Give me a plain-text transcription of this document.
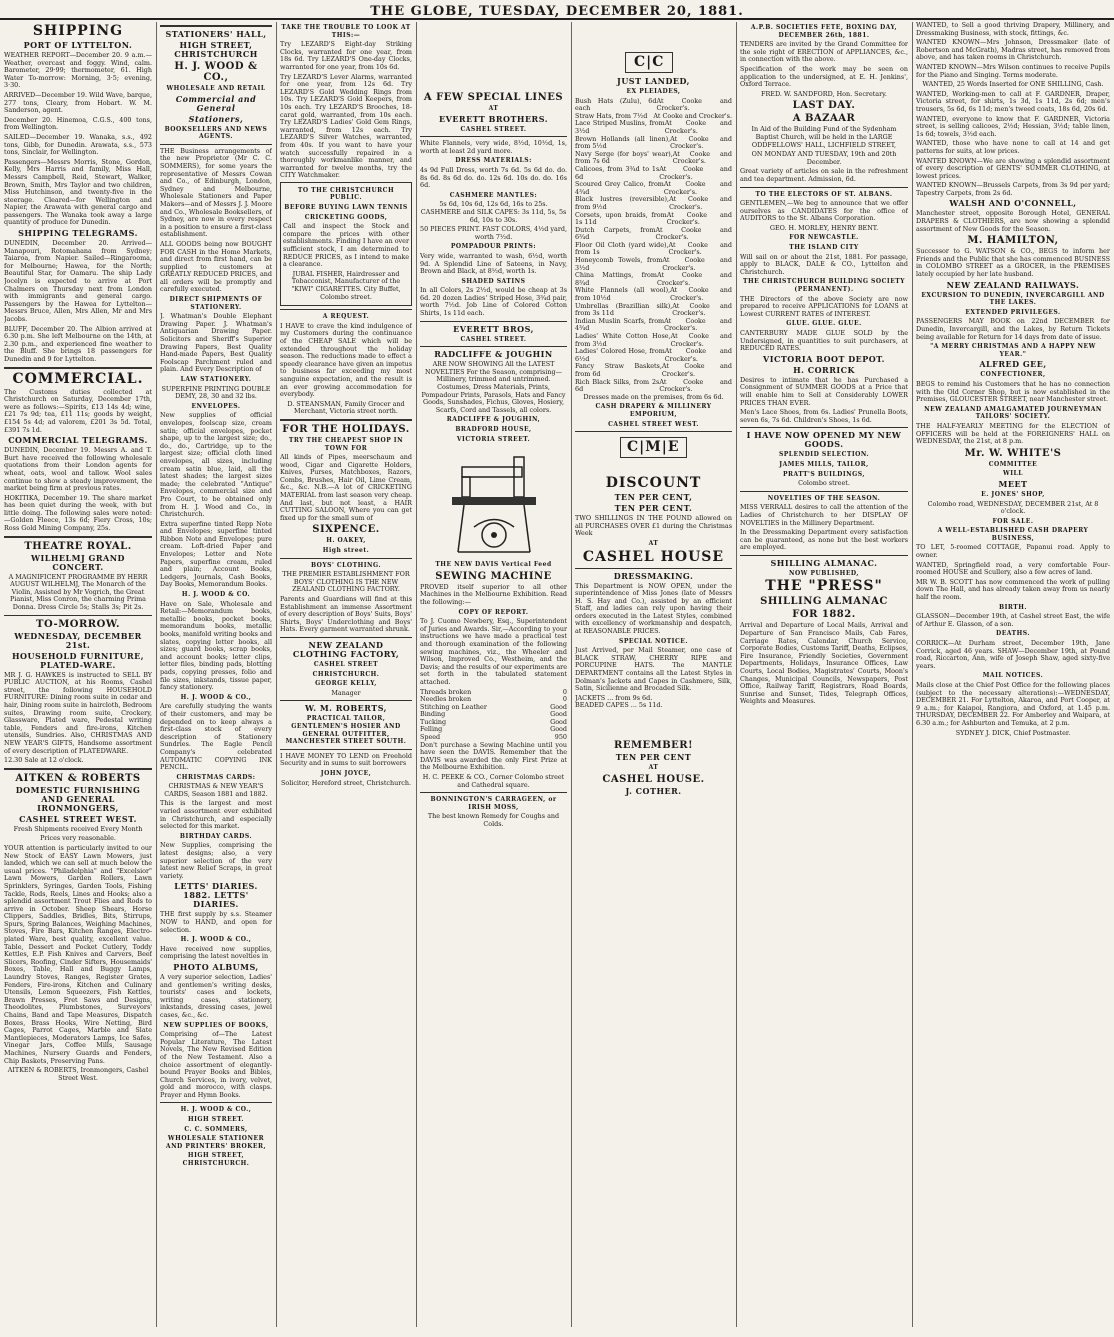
THE GLOBE, TUESDAY, DECEMBER 20, 1881.
SHIPPING
PORT OF LYTTELTON.

WEATHER REPORT—December 20. 9 a.m.—Weather, overcast and foggy. Wind, calm. Barometer, 29·99; thermometer, 61. High Water To-morrow: Morning, 3·5; evening, 3·30.

ARRIVED—December 19. Wild Wave, barque, 277 tons, Cleary, from Hobart. W. M. Sanderson, agent.

December 20. Hinemoa, C.G.S., 400 tons, from Wellington.

SAILED—December 19. Wanaka, s.s., 492 tons, Gibb, for Dunedin. Arawata, s.s., 573 tons, Sinclair, for Wellington.

Passengers—Messrs Morris, Stone, Gordon, Kelly, Mrs Harris and family, Miss Hall, Messrs Campbell, Reid, Stewart, Walker, Brown, Smith, Mrs Taylor and two children, Miss Hutchinson, and twenty-five in the steerage. Cleared—for Wellington and Napier, the Arawata with general cargo and passengers. The Wanaka took away a large quantity of produce for Dunedin.

SHIPPING TELEGRAMS.

DUNEDIN, December 20. Arrived—Manapouri, Rotomahana from Sydney; Taiaroa, from Napier. Sailed—Ringarooma, for Melbourne; Hawea, for the North; Beautiful Star, for Oamaru. The ship Lady Jocelyn is expected to arrive at Port Chalmers on Thursday next from London with immigrants and general cargo. Passengers by the Hawea for Lyttelton—Messrs Bruce, Allen, Mrs Allen, Mr and Mrs Jacobs.

BLUFF, December 20. The Albion arrived at 6.30 p.m. She left Melbourne on the 14th, at 2.30 p.m., and experienced fine weather to the Bluff. She brings 18 passengers for Dunedin and 9 for Lyttelton.

COMMERCIAL.

The Customs duties collected at Christchurch on Saturday, December 17th, were as follows:—Spirits, £13 14s 4d; wine, £21 7s 9d; tea, £11 11s; goods by weight, £154 5s 4d; ad valorem, £201 3s 5d. Total, £391 7s 1d.

COMMERCIAL TELEGRAMS.

DUNEDIN, December 19. Messrs A. and T. Burt have received the following wholesale quotations from their London agents for wheat, oats, wool and tallow. Wool sales continue to show a steady improvement, the market being firm at previous rates.

HOKITIKA, December 19. The share market has been quiet during the week, with but little doing. The following sales were noted:—Golden Fleece, 13s 6d; Fiery Cross, 10s; Ross Gold Mining Company, 25s.

THEATRE ROYAL.
WILHELMJ GRAND CONCERT.

A MAGNIFICENT PROGRAMME BY HERR AUGUST WILHELMJ, The Monarch of the Violin, Assisted by Mr Vogrich, the Great Pianist, Miss Conron, the charming Prima Donna. Dress Circle 5s; Stalls 3s; Pit 2s.

TO-MORROW.
WEDNESDAY, DECEMBER 21st.
HOUSEHOLD FURNITURE, PLATED-WARE.

MR J. G. HAWKES is instructed to SELL BY PUBLIC AUCTION, at his Rooms, Cashel street, the following HOUSEHOLD FURNITURE: Dining room suite in cedar and hair, Dining room suite in haircloth, Bedroom suites, Drawing room suite, Crockery, Glassware, Plated ware, Pedestal writing table, Fenders and fire-irons, Kitchen utensils, Sundries. Also, CHRISTMAS AND NEW YEAR'S GIFTS, Handsome assortment of every description of PLATEDWARE.

12.30 Sale at 12 o'clock.

AITKEN & ROBERTS
DOMESTIC FURNISHING AND GENERAL IRONMONGERS,
CASHEL STREET WEST.

Fresh Shipments received Every Month

Prices very reasonable.

YOUR attention is particularly invited to our New Stock of EASY Lawn Mowers, just landed, which we can sell at much below the usual prices. "Philadelphia" and "Excelsior" Lawn Mowers, Garden Rollers, Lawn Sprinklers, Syringes, Garden Tools, Fishing Tackle, Rods, Reels, Lines and Hooks; also a splendid assortment Trout Flies and Rods to arrive in October. Sheep Shears, Horse Clippers, Saddles, Bridles, Bits, Stirrups, Spurs, Spring Balances, Weighing Machines, Stoves, Fire Bars, Kitchen Ranges, Electro-plated Ware, best quality, excellent value. Table, Dessert and Pocket Cutlery, Toddy Kettles, E.P. Fish Knives and Carvers, Beef Slicers, Roofing, Cinder Sifters, Housemaids' Boxes, Table, Hall and Buggy Lamps, Laundry Stoves, Ranges, Register Grates, Fenders, Fire-irons, Kitchen and Culinary Utensils, Lemon Squeezers, Fish Kettles, Brawn Presses, Fret Saws and Designs, Theodolites, Plumbstones, Surveyors' Chains, Band and Tape Measures, Dispatch Boxes, Brass Hooks, Wire Netting, Bird Cages, Parrot Cages, Marble and Slate Mantlepieces, Moderators Lamps, Ice Safes, Vinegar Jars, Coffee Mills, Sausage Machines, Nursery Guards and Fenders, Chip Baskets, Preserving Pans.

AITKEN & ROBERTS, Ironmongers, Cashel Street West.

STATIONERS' HALL,
HIGH STREET, CHRISTCHURCH
H. J. WOOD & CO.,
WHOLESALE AND RETAIL
Commercial and General
Stationers,
BOOKSELLERS AND NEWS AGENTS.

THE Business arrangements of the new Proprietor (Mr C. C. SOMMERS), for some years the representative of Messrs Cowan and Co., of Edinburgh, London, Sydney and Melbourne, Wholesale Stationers and Paper Makers—and of Messrs J. J. Moore and Co., Wholesale Booksellers, of Sydney, are now in every respect in a position to ensure a first-class establishment.

ALL GOODS being now BOUGHT FOR CASH in the Home Markets, and direct from first hand, can be supplied to customers at GREATLY REDUCED PRICES, and all orders will be promptly and carefully executed.

DIRECT SHIPMENTS OF STATIONERY.

J. Whatman's Double Elephant Drawing Paper. J. Whatman's Antiquarian Drawing Paper. Solicitors and Sheriff's Superior Drawing Papers, Best Quality Hand-made Papers, Best Quality Foolscap Parchment ruled and plain. And Every Description of

LAW STATIONERY.

SUPERFINE PRINTING DOUBLE DEMY, 28, 30 and 32 lbs.

ENVELOPES.

New supplies of official envelopes, foolscap size, cream satin; official envelopes, pocket shape, up to the largest size; do., do., do., Cartridge, up to the largest size; official cloth lined envelopes, all sizes, including cream satin blue, laid, all the latest shades; the largest sizes made; the celebrated "Antique" Envelopes, commercial size and Pro Court, to be obtained only from H. J. Wood and Co., in Christchurch.

Extra superfine tinted Repp Note and Envelopes; superfine tinted Ribbon Note and Envelopes; pure cream. Loft-dried Paper and Envelopes; Letter and Note Papers, superfine cream, ruled and plain; Account Books, Ledgers, Journals, Cash Books, Day Books, Memorandum Books.

H. J. WOOD & CO.

Have on Sale, Wholesale and Retail:—Memorandum books, metallic books, pocket books, memorandum books, metallic books, manifold writing books and slates, copying letter books, all sizes; guard books, scrap books, and account books; letter clips, letter files, binding pads, blotting pads, copying presses, folio and file sizes, inkstands, tissue paper, fancy stationery.

H. J. WOOD & CO.,

Are carefully studying the wants of their customers, and may be depended on to keep always a first-class stock of every description of Stationery Sundries. The Eagle Pencil Company's celebrated AUTOMATIC COPYING INK PENCIL.

CHRISTMAS CARDS:

CHRISTMAS & NEW YEAR'S CARDS, Season 1881 and 1882.

This is the largest and most varied assortment ever exhibited in Christchurch, and especially selected for this market.

BIRTHDAY CARDS.

New Supplies, comprising the latest designs; also, a very superior selection of the very latest new Relief Scraps, in great variety.

LETTS' DIARIES. 1882. LETTS' DIARIES.

THE first supply by s.s. Steamer NOW to HAND, and open for selection.

H. J. WOOD & CO.,

Have received now supplies, comprising the latest novelties in

PHOTO ALBUMS,

A very superior selection, Ladies' and gentlemen's writing desks, tourists' cases and lockets, writing cases, stationery, inkstands, dressing cases, jewel cases, &c., &c.

NEW SUPPLIES OF BOOKS,

Comprising of—The Latest Popular Literature, The Latest Novels, The New Revised Edition of the New Testament. Also a choice assortment of elegantly-bound Prayer Books and Bibles, Church Services, in ivory, velvet, gold and morocco, with clasps. Prayer and Hymn Books.

H. J. WOOD & CO.,
HIGH STREET.
C. C. SOMMERS,
WHOLESALE STATIONER AND PRINTERS' BROKER,
HIGH STREET, CHRISTCHURCH.
TAKE THE TROUBLE TO LOOK AT THIS:—

Try LEZARD'S Eight-day Striking Clocks, warranted for one year, from 18s 6d. Try LEZARD'S One-day Clocks, warranted for one year, from 10s 6d.

Try LEZARD'S Lever Alarms, warranted for one year, from 12s 6d. Try LEZARD'S Gold Wedding Rings from 10s. Try LEZARD'S Gold Keepers, from 10s each. Try LEZARD'S Brooches, 18-carat gold, warranted, from 10s each. Try LEZARD'S Ladies' Gold Gem Rings, warranted, from 12s each. Try LEZARD'S Silver Watches, warranted, from 40s. If you want to have your watch successfully repaired in a thoroughly workmanlike manner, and warranted for twelve months, try the CITY Watchmaker.

TO THE CHRISTCHURCH PUBLIC.
BEFORE BUYING LAWN TENNIS
CRICKETING GOODS,

Call and inspect the Stock and compare the prices with other establishments. Finding I have an over sufficient stock, I am determined to REDUCE PRICES, as I intend to make a clearance.

JUBAL FISHER, Hairdresser and Tobacconist, Manufacturer of the "KIWI" CIGARETTES. City Buffet, Colombo street.

A REQUEST.

I HAVE to crave the kind indulgence of my Customers during the continuance of the CHEAP SALE which will be extended throughout the holiday season. The reductions made to effect a speedy clearance have given an impetus to business far exceeding my most sanguine expectation, and the result is an ever growing accommodation for everybody.

D. STEANSMAN, Family Grocer and Merchant, Victoria street north.

FOR THE HOLIDAYS.
TRY THE CHEAPEST SHOP IN TOWN FOR

All kinds of Pipes, meerschaum and wood, Cigar and Cigarette Holders, Knives, Purses, Matchboxes, Razors, Combs, Brushes, Hair Oil, Lime Cream, &c., &c. N.B.—A lot of CRICKETING MATERIAL from last season very cheap. And last, but not least, a HAIR CUTTING SALOON, Where you can get fixed up for the small sum of

SIXPENCE.
H. OAKEY,
High street.
BOYS' CLOTHING.

THE PREMIER ESTABLISHMENT FOR BOYS' CLOTHING IS THE NEW ZEALAND CLOTHING FACTORY.

Parents and Guardians will find at this Establishment an immense Assortment of every description of Boys' Suits, Boys' Shirts, Boys' Underclothing and Boys' Hats. Every garment warranted shrunk.

NEW ZEALAND CLOTHING FACTORY,
CASHEL STREET
CHRISTCHURCH.
GEORGE KELLY,
Manager
W. M. ROBERTS,
PRACTICAL TAILOR, GENTLEMEN'S HOSIER AND GENERAL OUTFITTER, MANCHESTER STREET SOUTH.

I HAVE MONEY TO LEND on Freehold Security and in sums to suit borrowers

JOHN JOYCE,
Solicitor, Hereford street, Christchurch.
A FEW SPECIAL LINES
AT
EVERETT BROTHERS.
CASHEL STREET.

White Flannels, very wide, 8½d, 10½d, 1s, worth at least 2d yard more.

DRESS MATERIALS:

4s 9d Full Dress, worth 7s 6d. 5s 6d do. do. 8s 6d. 8s 6d do. do. 12s 6d. 10s do. do. 16s 6d.

CASHMERE MANTLES:

5s 6d, 10s 6d, 12s 6d, 16s to 25s. CASHMERE and SILK CAPES: 3s 11d, 5s, 5s 6d, 10s to 30s.

50 PIECES PRINT. FAST COLORS, 4½d yard, worth 7½d.

POMPADOUR PRINTS:

Very wide, warranted to wash, 6½d, worth 9d. A Splendid Line of Sateens, in Navy, Brown and Black, at 8½d, worth 1s.

SHADED SATINS

In all Colors, 2s 2½d, would be cheap at 3s 6d. 20 dozen Ladies' Striped Hose, 3¾d pair, worth 7½d. Job Line of Colored Cotton Shirts, 1s 11d each.

EVERETT BROS,
CASHEL STREET.
RADCLIFFE & JOUGHIN
ARE NOW SHOWING All the LATEST NOVELTIES For the Season, comprising—

Millinery, trimmed and untrimmed. Costumes, Dress Materials, Prints, Pompadour Prints, Parasols, Hats and Fancy Goods, Sunshades, Fichus, Gloves, Hosiery, Scarfs, Cord and Tassels, all colors.

RADCLIFFE & JOUGHIN,
BRADFORD HOUSE,
VICTORIA STREET.
THE NEW DAVIS Vertical Feed
SEWING MACHINE

PROVED itself superior to all other Machines in the Melbourne Exhibition. Read the following:—

COPY OF REPORT.

To J. Cuomo Newbery, Esq., Superintendent of Juries and Awards. Sir,—According to your instructions we have made a practical test and thorough examination of the following sewing machines, viz., the Wheeler and Wilson, Improved Co., Westheim, and the Davis; and the results of our experiments are set forth in the tabulated statement attached.

Threads broken	0
Needles broken	0
Stitching on Leather	Good
Binding	Good
Tucking	Good
Felling	Good
Speed	950

Don't purchase a Sewing Machine until you have seen the DAVIS. Remember that the DAVIS was awarded the only First Prize at the Melbourne Exhibition.

H. C. PEEKE & CO., Corner Colombo street and Cathedral square.

BONNINGTON'S CARRAGEEN, or IRISH MOSS,
The best known Remedy for Coughs and Colds.
C|C
JUST LANDED,
EX PLEIADES,
Bush Hats (Zulu), 6d each
At Cooke and Crocker's.
Straw Hats, from 7½d At Cooke and Crocker's.
Lace Striped Muslins, from 3½d
At Cooke and Crocker's.
Brown Hollands (all linen), from 5½d
At Cooke and Crocker's.
Navy Serge (for boys' wear), from 7s 6d
At Cooke and Crocker's.
Calicoes, from 3¾d to 1s 6d
At Cooke and Crocker's.
Scoured Grey Calico, from 4¾d
At Cooke and Crocker's.
Black lustres (reversible), from 9½d
At Cooke and Crocker's.
Corsets, upon braids, from 1s 11d
At Cooke and Crocker's.
Dutch Carpets, from 6¾d
At Cooke and Crocker's.
Floor Oil Cloth (yard wide), from 1s
At Cooke and Crocker's.
Honeycomb Towels, from 3½d
At Cooke and Crocker's.
China Mattings, from 8¾d
At Cooke and Crocker's.
White Flannels (all wool), from 10½d
At Cooke and Crocker's.
Umbrellas (Brazillian silk), from 3s 11d
At Cooke and Crocker's.
Indian Muslin Scarfs, from 4¾d
At Cooke and Crocker's.
Ladies' White Cotton Hose, from 3½d
At Cooke and Crocker's.
Ladies' Colored Hose, from 6½d
At Cooke and Crocker's.
Fancy Straw Baskets, from 6d
At Cooke and Crocker's.
Rich Black Silks, from 2s 6d
At Cooke and Crocker's.

Dresses made on the premises, from 6s 6d.

CASH DRAPERY & MILLINERY EMPORIUM,
CASHEL STREET WEST.
C|M|E
DISCOUNT
TEN PER CENT,
TEN PER CENT.

TWO SHILLINGS IN THE POUND allowed on all PURCHASES OVER £1 during the Christmas Week

AT
CASHEL HOUSE
DRESSMAKING.

This Department is NOW OPEN, under the superintendence of Miss Jones (late of Messrs H. S. Hay and Co.), assisted by an efficient Staff, and ladies can rely upon having their orders executed in the Latest Styles, combined with excellency of workmanship and despatch, at REASONABLE PRICES.

SPECIAL NOTICE.

Just Arrived, per Mail Steamer, one case of BLACK STRAW, CHERRY RIPE and PORCUPINE HATS. The MANTLE DEPARTMENT contains all the Latest Styles in Dolman's Jackets and Capes in Cashmere, Silk, Satin, Sicilienne and Brocaded Silk.

JACKETS ... from 9s 6d.
BEADED CAPES ... 5s 11d.
REMEMBER!
TEN PER CENT
AT
CASHEL HOUSE.
J. COTHER.
A.P.B. SOCIETIES FETE, BOXING DAY, DECEMBER 26th, 1881.

TENDERS are invited by the Grand Committee for the sole right of ERECTION of APPLIANCES, &c., in connection with the above.

Specification of the work may be seen on application to the undersigned, at E. H. Jenkins', Oxford Terrace.

FRED. W. SANDFORD, Hon. Secretary.
LAST DAY.
A BAZAAR

In Aid of the Building Fund of the Sydenham Baptist Church, will be held in the LARGE ODDFELLOWS' HALL, LICHFIELD STREET,

ON MONDAY AND TUESDAY, 19th and 20th December.

Great variety of articles on sale in the refreshment and tea department. Admission, 6d.

TO THE ELECTORS OF ST. ALBANS.

GENTLEMEN,—We beg to announce that we offer ourselves as CANDIDATES for the office of AUDITORS to the St. Albans Corporation.

GEO. H. MORLEY, HENRY BENT.
FOR NEWCASTLE.
THE ISLAND CITY

Will sail on or about the 21st, 1881. For passage, apply to BLACK, DALE & CO., Lyttelton and Christchurch.

THE CHRISTCHURCH BUILDING SOCIETY (PERMANENT).

THE Directors of the above Society are now prepared to receive APPLICATIONS for LOANS at Lowest CURRENT RATES of INTEREST.

GLUE. GLUE. GLUE.

CANTERBURY MADE GLUE SOLD by the Undersigned, in quantities to suit purchasers, at REDUCED RATES.

VICTORIA BOOT DEPOT.
H. CORRICK

Desires to intimate that he has Purchased a Consignment of SUMMER GOODS at a Price that will enable him to Sell at Considerably LOWER PRICES THAN EVER.

Men's Lace Shoes, from 6s. Ladies' Prunella Boots, seven 6s, 7s 6d. Children's Shoes, 1s 6d.

I HAVE NOW OPENED MY NEW GOODS.
SPLENDID SELECTION.
JAMES MILLS, TAILOR,
PRATT'S BUILDINGS,
Colombo street.
NOVELTIES OF THE SEASON.

MISS VERRALL desires to call the attention of the Ladies of Christchurch to her DISPLAY OF NOVELTIES in the Millinery Department.

In the Dressmaking Department every satisfaction can be guaranteed, as none but the best workers are employed.

SHILLING ALMANAC.
NOW PUBLISHED,
THE "PRESS"
SHILLING ALMANAC
FOR 1882.

Arrival and Departure of Local Mails, Arrival and Departure of San Francisco Mails, Cab Fares, Carriage Rates, Calendar, Church Service, Corporate Bodies, Customs Tariff, Deaths, Eclipses, Fire Insurance, Friendly Societies, Government Departments, Holidays, Insurance Offices, Law Courts, Local Bodies, Magistrates' Courts, Moon's Changes, Municipal Councils, Newspapers, Post Office, Railway Tariff, Registrars, Road Boards, Sunrise and Sunset, Tides, Telegraph Offices, Weights and Measures.

WANTED, to Sell a good thriving Drapery, Millinery, and Dressmaking Business, with stock, fittings, &c.

WANTED KNOWN—Mrs Johnson, Dressmaker (late of Robertson and McGrath), Madras street, has removed from above, and has taken rooms in Christchurch.

WANTED KNOWN—Mrs Wilson continues to receive Pupils for the Piano and Singing. Terms moderate.

WANTED, 25 Words Inserted for ONE SHILLING, Cash.

WANTED, Working-men to call at F. GARDNER, Draper, Victoria street, for shirts, 1s 3d, 1s 11d, 2s 6d; men's trousers, 5s 6d, 6s 11d; men's tweed coats, 18s 6d, 20s 6d.

WANTED, everyone to know that F. GARDNER, Victoria street, is selling calicoes, 2½d; Hessian, 3½d; table linen, 1s 6d; towels, 3½d each.

WANTED, those who have none to call at 14 and get patterns for suits, at low prices.

WANTED KNOWN—We are showing a splendid assortment of every description of GENTS' SUMMER CLOTHING, at lowest prices.

WANTED KNOWN—Brussels Carpets, from 3s 9d per yard; Tapestry Carpets, from 2s 6d.

WALSH AND O'CONNELL,

Manchester street, opposite Borough Hotel, GENERAL DRAPERS & CLOTHIERS, are now showing a splendid assortment of New Goods for the Season.

M. HAMILTON,

Successor to G. WATSON & CO., BEGS to inform her Friends and the Public that she has commenced BUSINESS in COLOMBO STREET as a GROCER, in the PREMISES lately occupied by her late husband.

NEW ZEALAND RAILWAYS.
EXCURSION TO DUNEDIN, INVERCARGILL AND THE LAKES.
EXTENDED PRIVILEGES.

PASSENGERS MAY BOOK on 22nd DECEMBER for Dunedin, Invercargill, and the Lakes, by Return Tickets being available for Return for 14 days from date of issue.

"A MERRY CHRISTMAS AND A HAPPY NEW YEAR."
ALFRED GEE,
CONFECTIONER,

BEGS to remind his Customers that he has no connection with the Old Corner Shop, but is now established in the Premises, GLOUCESTER STREET, near Manchester street.

NEW ZEALAND AMALGAMATED JOURNEYMAN TAILORS' SOCIETY.

THE HALF-YEARLY MEETING for the ELECTION of OFFICERS will be held at the FOREIGNERS' HALL on WEDNESDAY, the 21st, at 8 p.m.

Mr. W. WHITE'S
COMMITTEE
WILL
MEET
E. JONES' SHOP,
Colombo road, WEDNESDAY, DECEMBER 21st, At 8 o'clock.
FOR SALE.
A WELL-ESTABLISHED CASH DRAPERY BUSINESS,

TO LET, 5-roomed COTTAGE, Papanui road. Apply to owner.

WANTED, Springfield road, a very comfortable Four-roomed HOUSE and Scullery, also a few acres of land.

MR W. B. SCOTT has now commenced the work of pulling down The Hall, and has already taken away from us nearly half the room.

BIRTH.

GLASSON—December 19th, at Cashel street East, the wife of Arthur E. Glasson, of a son.

DEATHS.

CORRICK—At Durham street, December 19th, Jane Corrick, aged 46 years. SHAW—December 19th, at Pound road, Riccarton, Ann, wife of Joseph Shaw, aged sixty-five years.

MAIL NOTICES.

Mails close at the Chief Post Office for the following places (subject to the necessary alterations):—WEDNESDAY, DECEMBER 21. For Lyttelton, Akaroa, and Port Cooper, at 9 a.m.; for Kaiapoi, Rangiora, and Oxford, at 1.45 p.m. THURSDAY, DECEMBER 22. For Amberley and Waipara, at 6.30 a.m.; for Ashburton and Temuka, at 2 p.m.

SYDNEY J. DICK, Chief Postmaster.
